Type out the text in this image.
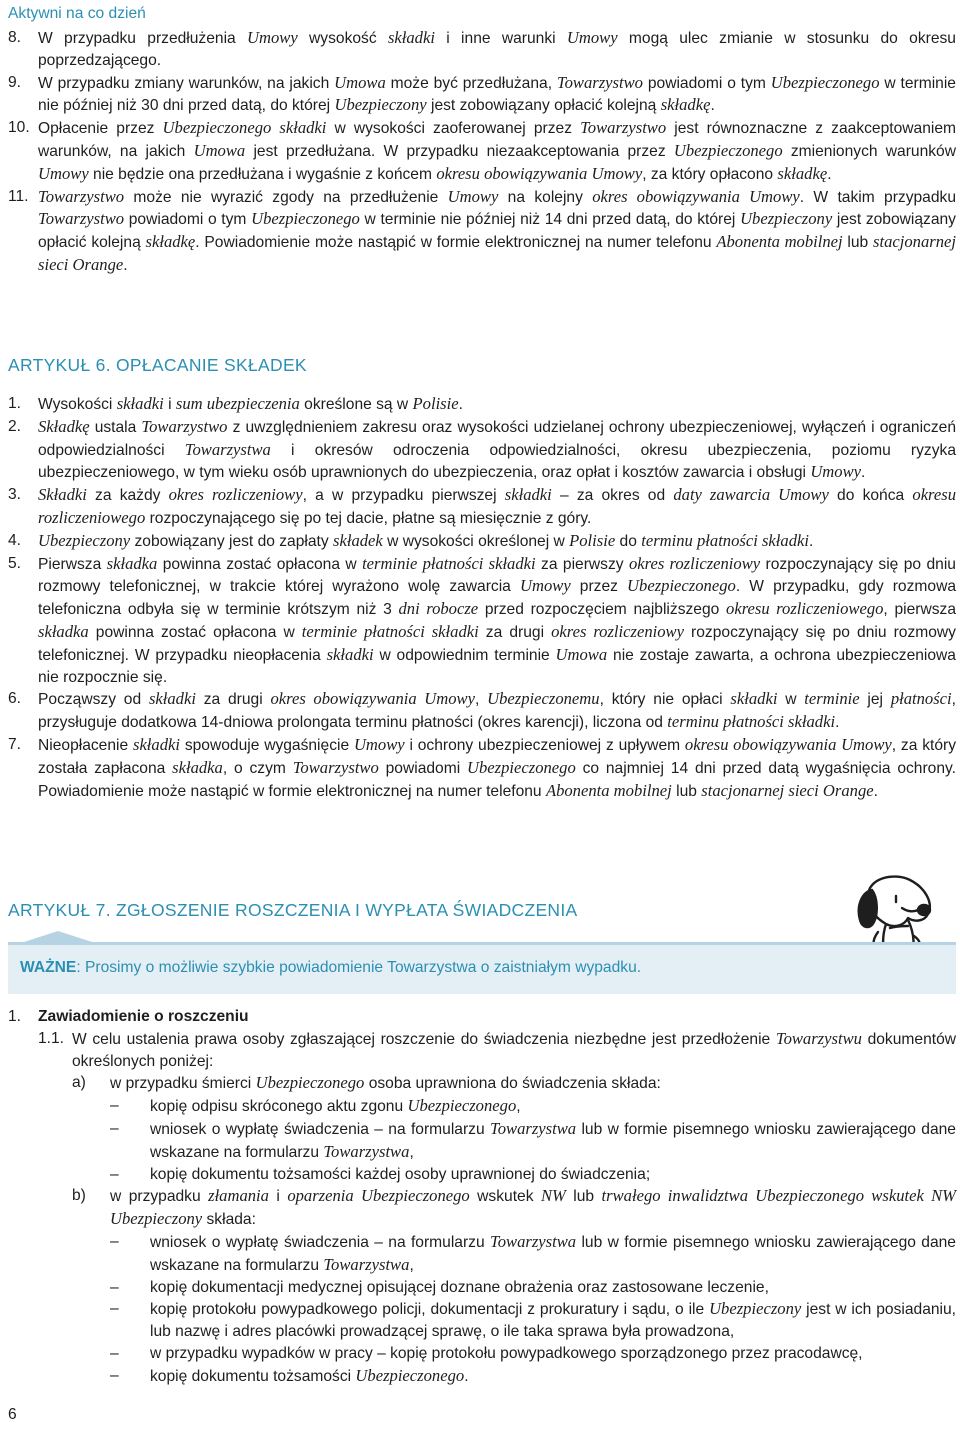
Aktywni na co dzień
8. W przypadku przedłużenia Umowy wysokość składki i inne warunki Umowy mogą ulec zmianie w stosunku do okresu poprzedzającego.
9. W przypadku zmiany warunków, na jakich Umowa może być przedłużana, Towarzystwo powiadomi o tym Ubezpieczonego w terminie nie później niż 30 dni przed datą, do której Ubezpieczony jest zobowiązany opłacić kolejną składkę.
10. Opłacenie przez Ubezpieczonego składki w wysokości zaoferowanej przez Towarzystwo jest równoznaczne z zaakceptowaniem warunków, na jakich Umowa jest przedłużana. W przypadku niezaakceptowania przez Ubezpieczonego zmienionych warunków Umowy nie będzie ona przedłużana i wygaśnie z końcem okresu obowiązywania Umowy, za który opłacono składkę.
11. Towarzystwo może nie wyrazić zgody na przedłużenie Umowy na kolejny okres obowiązywania Umowy. W takim przypadku Towarzystwo powiadomi o tym Ubezpieczonego w terminie nie później niż 14 dni przed datą, do której Ubezpieczony jest zobowiązany opłacić kolejną składkę. Powiadomienie może nastąpić w formie elektronicznej na numer telefonu Abonenta mobilnej lub stacjonarnej sieci Orange.
ARTYKUŁ 6. OPŁACANIE SKŁADEK
1. Wysokości składki i sum ubezpieczenia określone są w Polisie.
2. Składkę ustala Towarzystwo z uwzględnieniem zakresu oraz wysokości udzielanej ochrony ubezpieczeniowej, wyłączeń i ograniczeń odpowiedzialności Towarzystwa i okresów odroczenia odpowiedzialności, okresu ubezpieczenia, poziomu ryzyka ubezpieczeniowego, w tym wieku osób uprawnionych do ubezpieczenia, oraz opłat i kosztów zawarcia i obsługi Umowy.
3. Składki za każdy okres rozliczeniowy, a w przypadku pierwszej składki – za okres od daty zawarcia Umowy do końca okresu rozliczeniowego rozpoczynającego się po tej dacie, płatne są miesięcznie z góry.
4. Ubezpieczony zobowiązany jest do zapłaty składek w wysokości określonej w Polisie do terminu płatności składki.
5. Pierwsza składka powinna zostać opłacona w terminie płatności składki za pierwszy okres rozliczeniowy rozpoczynający się po dniu rozmowy telefonicznej, w trakcie której wyrażono wolę zawarcia Umowy przez Ubezpieczonego. W przypadku, gdy rozmowa telefoniczna odbyła się w terminie krótszym niż 3 dni robocze przed rozpoczęciem najbliższego okresu rozliczeniowego, pierwsza składka powinna zostać opłacona w terminie płatności składki za drugi okres rozliczeniowy rozpoczynający się po dniu rozmowy telefonicznej. W przypadku nieopłacenia składki w odpowiednim terminie Umowa nie zostaje zawarta, a ochrona ubezpieczeniowa nie rozpocznie się.
6. Począwszy od składki za drugi okres obowiązywania Umowy, Ubezpieczonemu, który nie opłaci składki w terminie jej płatności, przysługuje dodatkowa 14-dniowa prolongata terminu płatności (okres karencji), liczona od terminu płatności składki.
7. Nieopłacenie składki spowoduje wygaśnięcie Umowy i ochrony ubezpieczeniowej z upływem okresu obowiązywania Umowy, za który została zapłacona składka, o czym Towarzystwo powiadomi Ubezpieczonego co najmniej 14 dni przed datą wygaśnięcia ochrony. Powiadomienie może nastąpić w formie elektronicznej na numer telefonu Abonenta mobilnej lub stacjonarnej sieci Orange.
ARTYKUŁ 7. ZGŁOSZENIE ROSZCZENIA I WYPŁATA ŚWIADCZENIA
WAŻNE: Prosimy o możliwie szybkie powiadomienie Towarzystwa o zaistniałym wypadku.
1. Zawiadomienie o roszczeniu
1.1. W celu ustalenia prawa osoby zgłaszającej roszczenie do świadczenia niezbędne jest przedłożenie Towarzystwu dokumentów określonych poniżej:
a) w przypadku śmierci Ubezpieczonego osoba uprawniona do świadczenia składa:
– kopię odpisu skróconego aktu zgonu Ubezpieczonego,
– wniosek o wypłatę świadczenia – na formularzu Towarzystwa lub w formie pisemnego wniosku zawierającego dane wskazane na formularzu Towarzystwa,
– kopię dokumentu tożsamości każdej osoby uprawnionej do świadczenia;
b) w przypadku złamania i oparzenia Ubezpieczonego wskutek NW lub trwałego inwalidztwa Ubezpieczonego wskutek NW Ubezpieczony składa:
– wniosek o wypłatę świadczenia – na formularzu Towarzystwa lub w formie pisemnego wniosku zawierającego dane wskazane na formularzu Towarzystwa,
– kopię dokumentacji medycznej opisującej doznane obrażenia oraz zastosowane leczenie,
– kopię protokołu powypadkowego policji, dokumentacji z prokuratury i sądu, o ile Ubezpieczony jest w ich posiadaniu, lub nazwę i adres placówki prowadzącej sprawę, o ile taka sprawa była prowadzona,
– w przypadku wypadków w pracy – kopię protokołu powypadkowego sporządzonego przez pracodawcę,
– kopię dokumentu tożsamości Ubezpieczonego.
6
